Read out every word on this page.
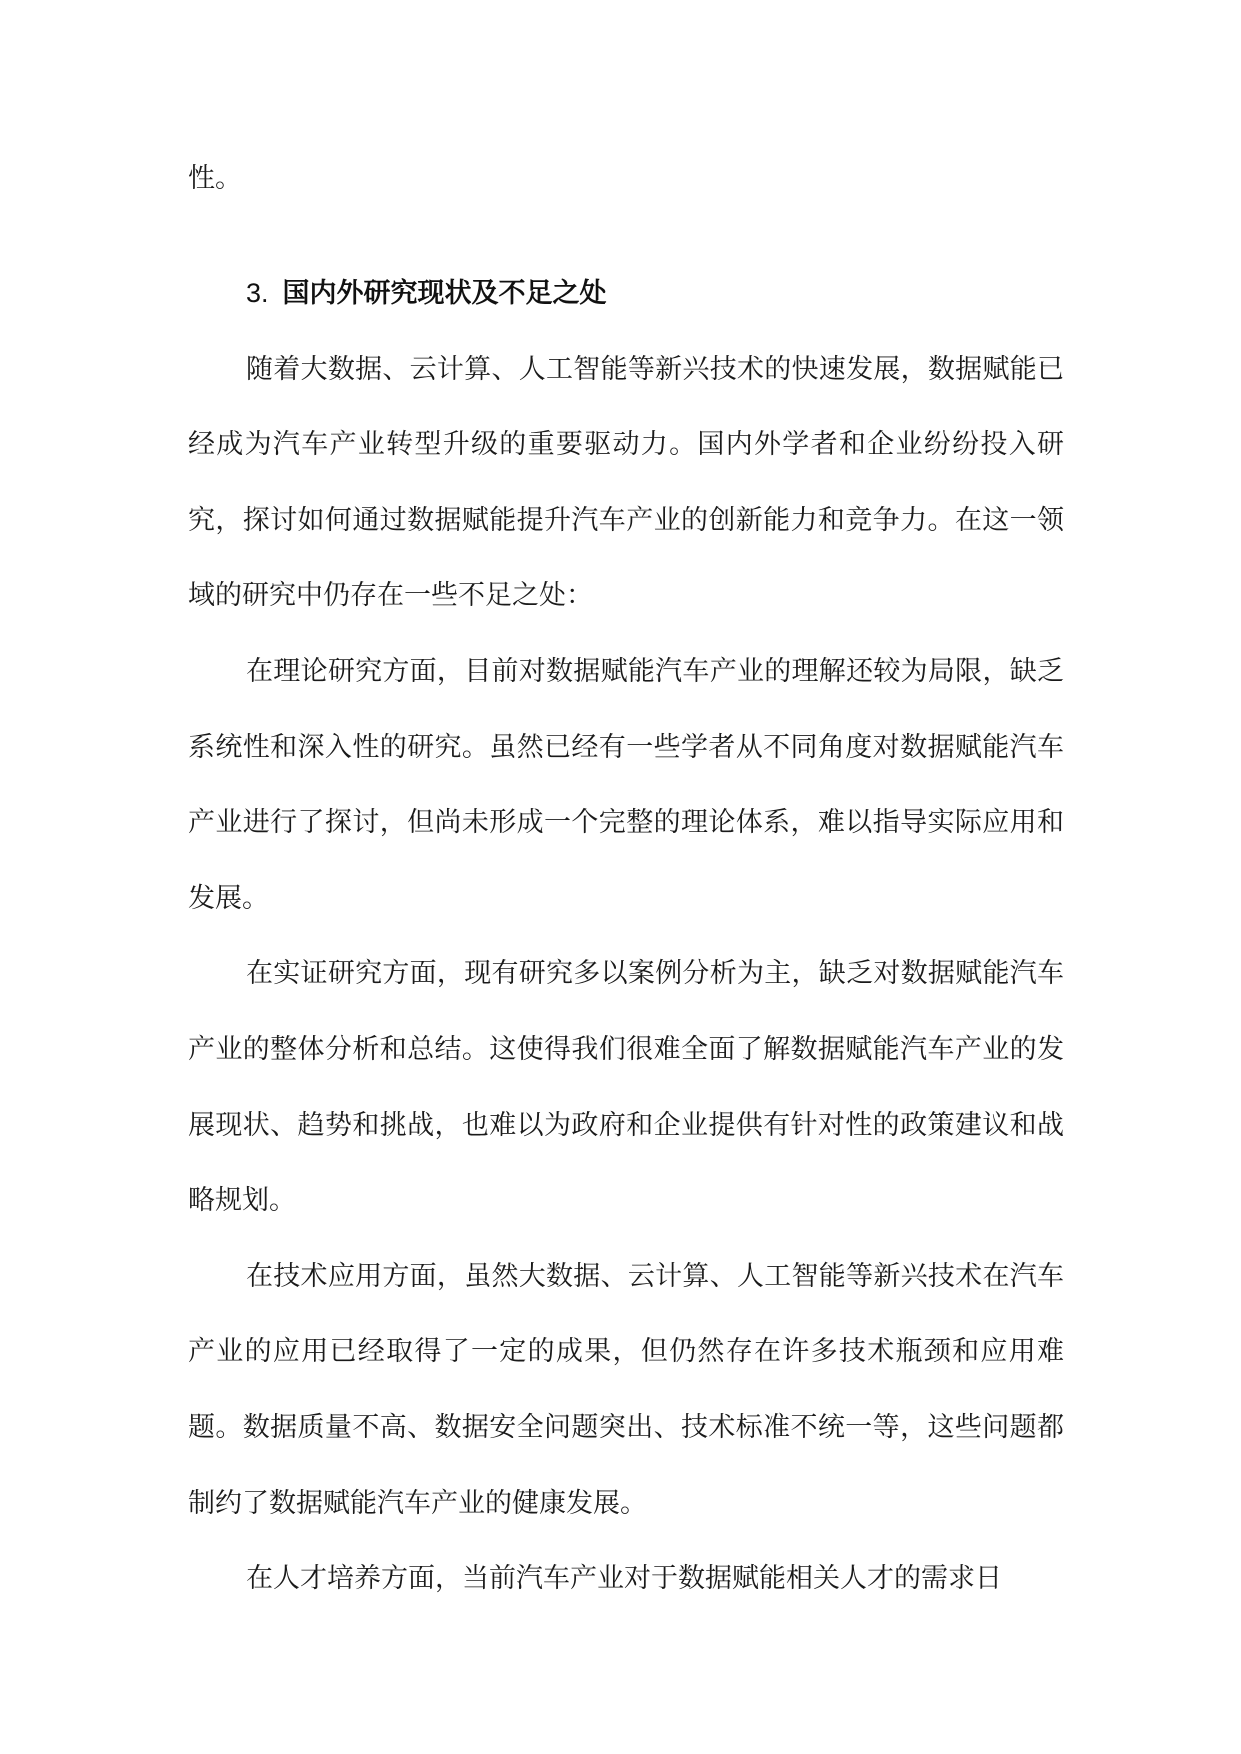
性。

3. 国内外研究现状及不足之处

随着大数据、云计算、人工智能等新兴技术的快速发展，数据赋能已经成为汽车产业转型升级的重要驱动力。国内外学者和企业纷纷投入研究，探讨如何通过数据赋能提升汽车产业的创新能力和竞争力。在这一领域的研究中仍存在一些不足之处：

在理论研究方面，目前对数据赋能汽车产业的理解还较为局限，缺乏系统性和深入性的研究。虽然已经有一些学者从不同角度对数据赋能汽车产业进行了探讨，但尚未形成一个完整的理论体系，难以指导实际应用和发展。

在实证研究方面，现有研究多以案例分析为主，缺乏对数据赋能汽车产业的整体分析和总结。这使得我们很难全面了解数据赋能汽车产业的发展现状、趋势和挑战，也难以为政府和企业提供有针对性的政策建议和战略规划。

在技术应用方面，虽然大数据、云计算、人工智能等新兴技术在汽车产业的应用已经取得了一定的成果，但仍然存在许多技术瓶颈和应用难题。数据质量不高、数据安全问题突出、技术标准不统一等，这些问题都制约了数据赋能汽车产业的健康发展。

在人才培养方面，当前汽车产业对于数据赋能相关人才的需求日
